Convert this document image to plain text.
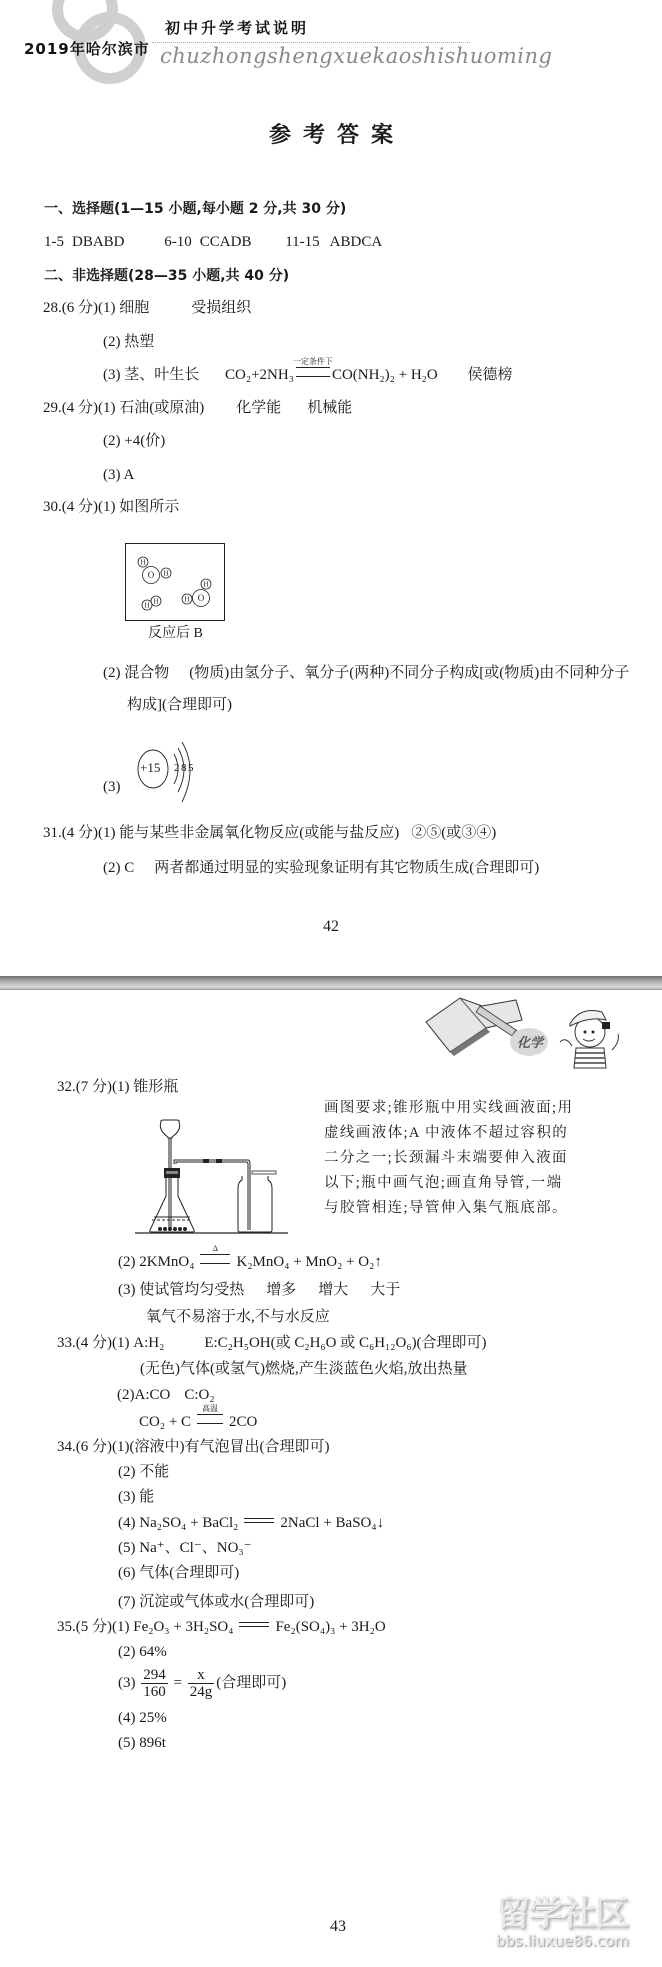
2019年哈尔滨市
初中升学考试说明
chuzhongshengxuekaoshishuoming
参考答案
一、选择题(1—15 小题,每小题 2 分,共 30 分)
1-5 DBABD	6-10 CCADB 11-15 ABDCA
二、非选择题(28—35 小题,共 40 分)
28.(6 分)(1) 细胞	受损组织
(2) 热塑
(3) 茎、叶生长 CO₂+2NH₃
一定条件下
CO(NH₂)₂ + H₂O 侯德榜
29.(4 分)(1) 石油(或原油) 化学能 机械能
(2) +4(价)
(3) A
30.(4 分)(1) 如图所示
H
O H
H H	H O
H
反应后 B
(2) 混合物 (物质)由氢分子、氧分子(两种)不同分子构成[或(物质)由不同种分子
构成](合理即可)
(3)
+15 2 8 5
31.(4 分)(1) 能与某些非金属氧化物反应(或能与盐反应) ②⑤(或③④)
(2) C 两者都通过明显的实验现象证明有其它物质生成(合理即可)
42
化学
32.(7 分)(1) 锥形瓶
画图要求;锥形瓶中用实线画液面;用虚线画液体;A 中液体不超过容积的二分之一;长颈漏斗末端要伸入液面以下;瓶中画气泡;画直角导管,一端与胶管相连;导管伸入集气瓶底部。
(2) 2KMnO₄
Δ
K₂MnO₄ + MnO₂ + O₂↑
(3) 使试管均匀受热 增多 增大 大于
氧气不易溶于水,不与水反应
33.(4 分)(1) A:H₂	E:C₂H₅OH(或 C₂H₆O 或 C₆H₁₂O₆)(合理即可)
(无色)气体(或氢气)燃烧,产生淡蓝色火焰,放出热量
(2)A:CO C:O₂
CO₂ + C
高温
2CO
34.(6 分)(1)(溶液中)有气泡冒出(合理即可)
(2) 不能
(3) 能
(4) Na₂SO₄ + BaCl₂	2NaCl + BaSO₄↓
(5) Na⁺、Cl⁻、NO₃⁻
(6) 气体(合理即可)
(7) 沉淀或气体或水(合理即可)
35.(5 分)(1) Fe₂O₃ + 3H₂SO₄	Fe₂(SO₄)₃ + 3H₂O
(2) 64%
$(3) \frac{294}{160} = \frac{x}{24g}$ (合理即可)
(4) 25%
(5) 896t
43	留学社区
bbs.liuxue86.com
